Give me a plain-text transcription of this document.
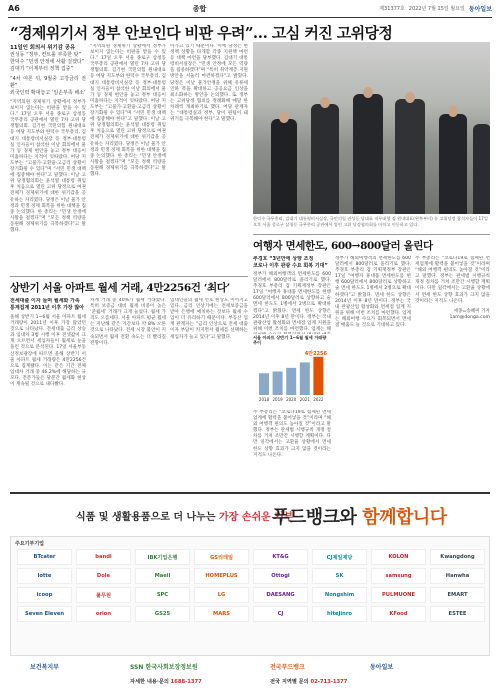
A6	종합	제31377호 2022년 7월 15일 월요일 동아일보
“경제위기서 정부 안보인다 비판 우려”… 고심 커진 고위당정
11일인 회의서 위기감 공유
권성동 “정부, 컨트롤 부족한 탓”
한덕수 “민생 안정에 사활 걸겠다”
김대기 “이제부터 정책 집중”
“4차 여론 뒤, 9월중 고강금리 전환”
외국인력 확대놓고 ‘일손부족 해소’
“지역의원 경제위기 상황에서 정부가 보이지 않는다는 비판을 받을 수 있다.” 17일 오후 서울 종로구 삼청동 국무총리 공관에서 열린 7차 고위 당정협의회. 김기현 국민의힘 원내대표 등 여당 지도부와 한덕수 국무총리, 김대기 대통령비서실장 등 정부·대통령실 인사들이 참석한 이날 회의에서 물가 등 경제 현안을 놓고 정부 대응이 미흡하다는 지적이 잇따랐다. 여당 지도부는 “고물가·고환율·고금리 상황이 장기화될 수 있다”며 “서민 민생 대책에 집중해야 한다”고 말했다. 이날 고위 당정협의회는 윤석열 대통령 취임 후 처음으로 열린 고위 당정으로 여권 전체가 경제위기에 대한 위기감을 공유하는 자리였다. 당정은 이날 물가 안정과 민생 경제 회복을 위한 대책을 집중 논의했다. 한 총리는 “민생 안정에 사활을 걸겠다”며 “모든 정책 역량을 동원해 경제위기를 극복하겠다”고 말했다.
“지역의원 경제위기 상황에서 정부가 보이지 않는다는 비판을 받을 수 있다.” 17일 오후 서울 종로구 삼청동 국무총리 공관에서 열린 7차 고위 당정협의회. 김기현 국민의힘 원내대표 등 여당 지도부와 한덕수 국무총리, 김대기 대통령비서실장 등 정부·대통령실 인사들이 참석한 이날 회의에서 물가 등 경제 현안을 놓고 정부 대응이 미흡하다는 지적이 잇따랐다. 여당 지도부는 “고물가·고환율·고금리 상황이 장기화될 수 있다”며 “서민 민생 대책에 집중해야 한다”고 말했다. 이날 고위 당정협의회는 윤석열 대통령 취임 후 처음으로 열린 고위 당정으로 여권 전체가 경제위기에 대한 위기감을 공유하는 자리였다. 당정은 이날 물가 안정과 민생 경제 회복을 위한 대책을 집중 논의했다. 한 총리는 “민생 안정에 사활을 걸겠다”며 “모든 정책 역량을 동원해 경제위기를 극복하겠다”고 말했다.
아가고 있기 때문이다. 이에 당정은 현 정책 상황을 타개할 각종 지원책 마련 등 대책 마련을 당부했다. 김대기 대통령비서실장은 “민생 안정에 모든 역량을 집중하겠다”며 “특히 취약계층 지원 방안을 서둘러 마련하겠다”고 밝혔다. 당정은 이날 물가안정을 위해 유류세 인하 폭을 확대하고 공공요금 인상을 최소화하는 방안을 논의했다. 또 정부는 고위당정 협의를 정례화해 매달 한 차례씩 개최하기로 했다. 여당 관계자는 “대통령실과 정부, 당이 원팀이 돼 위기를 극복해야 한다”고 말했다.
한덕수 국무총리, 김대기 대통령비서실장, 국민의힘 권성동 당대표 직무대행 겸 원내대표(왼쪽부터) 등 고위당정 참석자들이 17일 오후 서울 종로구 삼청동 국무총리 공관에서 열린 고위 당정협의회를 마치고 이동하고 있다.
상반기 서울 아파트 월세 거래, 4만2256건 ‘최다’
전세대출 이자 늘며 월세화 가속
통계집계 2011년 이후 가장 많아
올해 상반기 1~6월 서울 아파트 월세 거래량이 2011년 이후 가장 많았던 것으로 나타났다. 전세대출 금리 상승과 임대차 3법 시행 이후 전셋값이 크게 오르면서 세입자들이 월세로 눈을 돌린 것으로 분석된다. 17일 서울부동산정보광장에 따르면 올해 상반기 서울 아파트 월세 거래량은 4만2256건으로 집계됐다. 이는 같은 기간 전체 임대차 거래 중 46.2%에 해당하는 규모다. 전문가들은 당분간 월세화 현상이 계속될 것으로 내다봤다.
차계 거래 중 40%가 월세 거래였다. 특히 보증금 대비 월세 비중이 높은 ‘준월세’ 거래가 크게 늘었다. 월세 가격도 오름세다. 서울 아파트 평균 월세는 지난해 같은 기간보다 약 8% 오른 것으로 나타났다. 전세 시장 불안이 지속되면서 월세 전환 속도는 더 빨라질 전망이다.
임대인들의 월세 선호 현상도 이어지고 있다. 금리 인상기에는 전세보증금을 받아 은행에 예치하는 것보다 월세 수입이 더 유리하기 때문이다. 부동산 업계 관계자는 “금리 인상으로 전세 대출 이자 부담이 커지면서 월세를 선택하는 세입자가 늘고 있다”고 말했다.
여행자 면세한도, 600→800달러 올린다
추경호 “3년만에 상향 조정
코로나 이후 관광 수요 회복 기대”
정부가 해외여행객의 면세한도를 600달러에서 800달러로 올리기로 했다. 추경호 부총리 겸 기획재정부 장관은 17일 “여행자 휴대품 면세한도를 현행 600달러에서 800달러로 상향하고 술 면세 한도도 1병에서 2병으로 확대하겠다”고 밝혔다. 면세 한도 상향은 2014년 이후 8년 만이다. 정부는 국내 관광산업 활성화와 면세점 업계 지원을 위해 이번 조치를 마련했다. 업계는 해
서울 아파트 상반기 1~6월 월세 거래량 추이
2018 2019 2020 2021 2022
4만2256
추 부총리는 “코로나19로 침체된 면세업계에 활력을 불어넣을 것”이라며 “해외 여행객 편의도 높아질 것”이라고 말했다. 정부는 관세법 시행규칙 개정 절차를 거쳐 조만간 시행할 계획이다. 다만 일각에서는 고환율 상황에서 면세 한도 상향 효과가 크지 않을 것이라는 지적도 나온다.
정부가 해외여행객의 면세한도를 600달러에서 800달러로 올리기로 했다. 추경호 부총리 겸 기획재정부 장관은 17일 “여행자 휴대품 면세한도를 현행 600달러에서 800달러로 상향하고 술 면세 한도도 1병에서 2병으로 확대하겠다”고 밝혔다. 면세 한도 상향은 2014년 이후 8년 만이다. 정부는 국내 관광산업 활성화와 면세점 업계 지원을 위해 이번 조치를 마련했다. 업계는 해외여행 수요가 회복되면서 면세점 매출도 늘 것으로 기대하고 있다.
추 부총리는 “코로나19로 침체된 면세업계에 활력을 불어넣을 것”이라며 “해외 여행객 편의도 높아질 것”이라고 말했다. 정부는 관세법 시행규칙 개정 절차를 거쳐 조만간 시행할 계획이다. 다만 일각에서는 고환율 상황에서 면세 한도 상향 효과가 크지 않을 것이라는 지적도 나온다.
세종=송혜미 기자 1am@donga.com
식품 및 생활용품으로 더 나누는 가장 손쉬운 기부
푸드뱅크와 함께합니다
주요기부기업
BTcater	bandi	IBK기업은행	GS리테일	KT&G	CJ제일제당	KOLON	Kwangdong
lotte	Dole	Maeil	HOMEPLUS	Ottogi	SK	samsung	Hanwha
icoop	풀무원	SPC	LG	DAESANG	Nongshim	PULMUONE	EMART
Seven Eleven	orion	GS25	MARS	CJ	hiteJinro	KFood	ESTEE
보건복지부	SSN 한국사회보장정보원	전국푸드뱅크	동아일보
자세한 내용·문의 1688-1377	전국 지역별 문의 02-713-1377
